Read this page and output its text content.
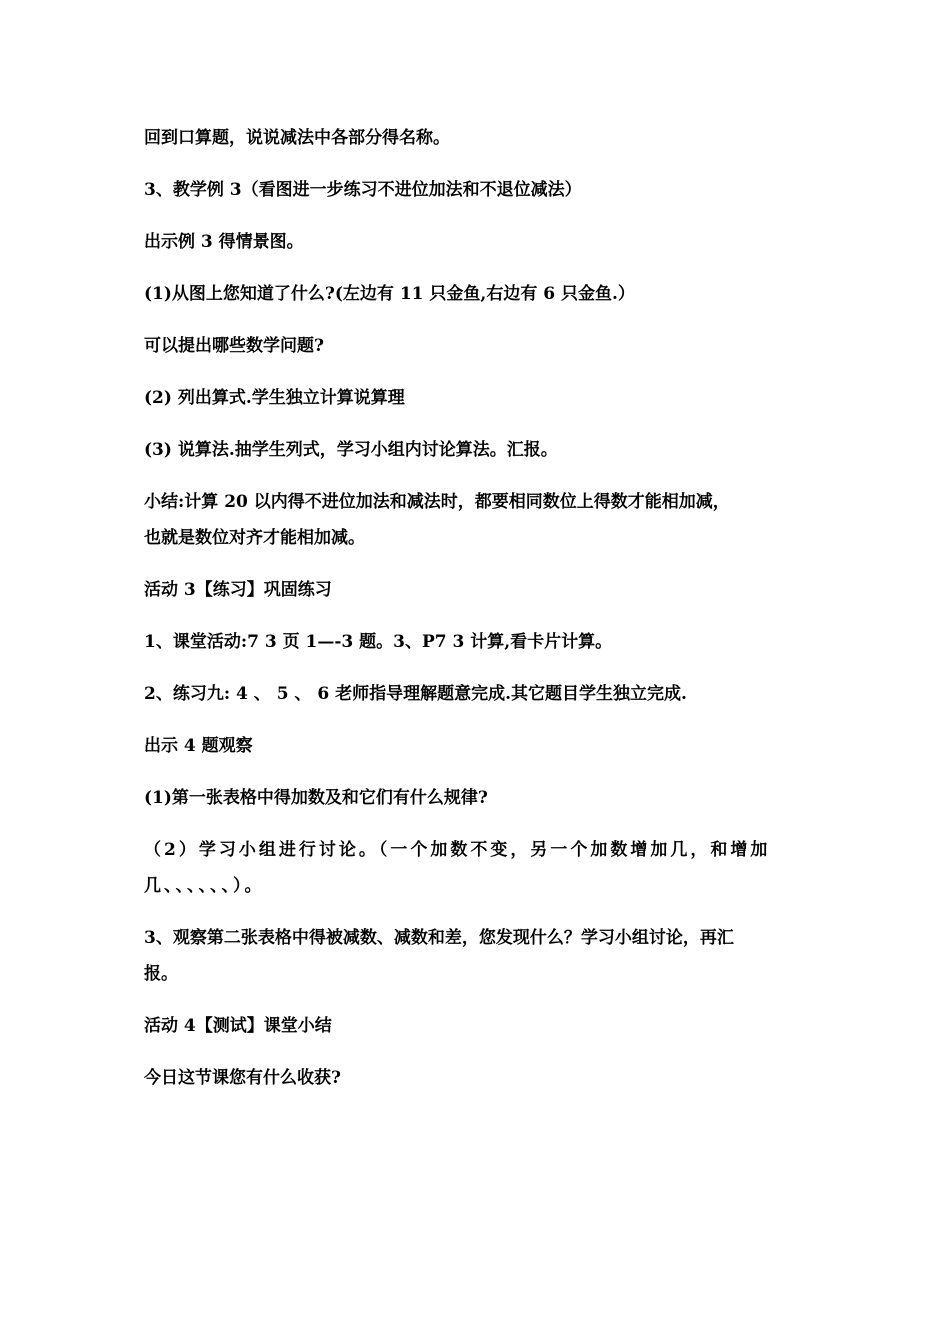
回到口算题，说说减法中各部分得名称。

3、教学例 3（看图进一步练习不进位加法和不退位减法）

出示例 3 得情景图。

(1)从图上您知道了什么?(左边有 11 只金鱼,右边有 6 只金鱼.）

可以提出哪些数学问题?

(2) 列出算式.学生独立计算说算理

(3) 说算法.抽学生列式，学习小组内讨论算法。汇报。

小结:计算 20 以内得不进位加法和减法时，都要相同数位上得数才能相加减，

也就是数位对齐才能相加减。

活动 3【练习】巩固练习

1、课堂活动:7 3 页 1—-3 题。3、P7 3 计算,看卡片计算。

2、练习九: 4 、 5 、 6 老师指导理解题意完成.其它题目学生独立完成.

出示 4 题观察

(1)第一张表格中得加数及和它们有什么规律?

（2）学习小组进行讨论。（一个加数不变，另一个加数增加几，和增加

几、、、、、、）。

3、观察第二张表格中得被减数、减数和差，您发现什么？学习小组讨论，再汇

报。

活动 4【测试】课堂小结

今日这节课您有什么收获?
